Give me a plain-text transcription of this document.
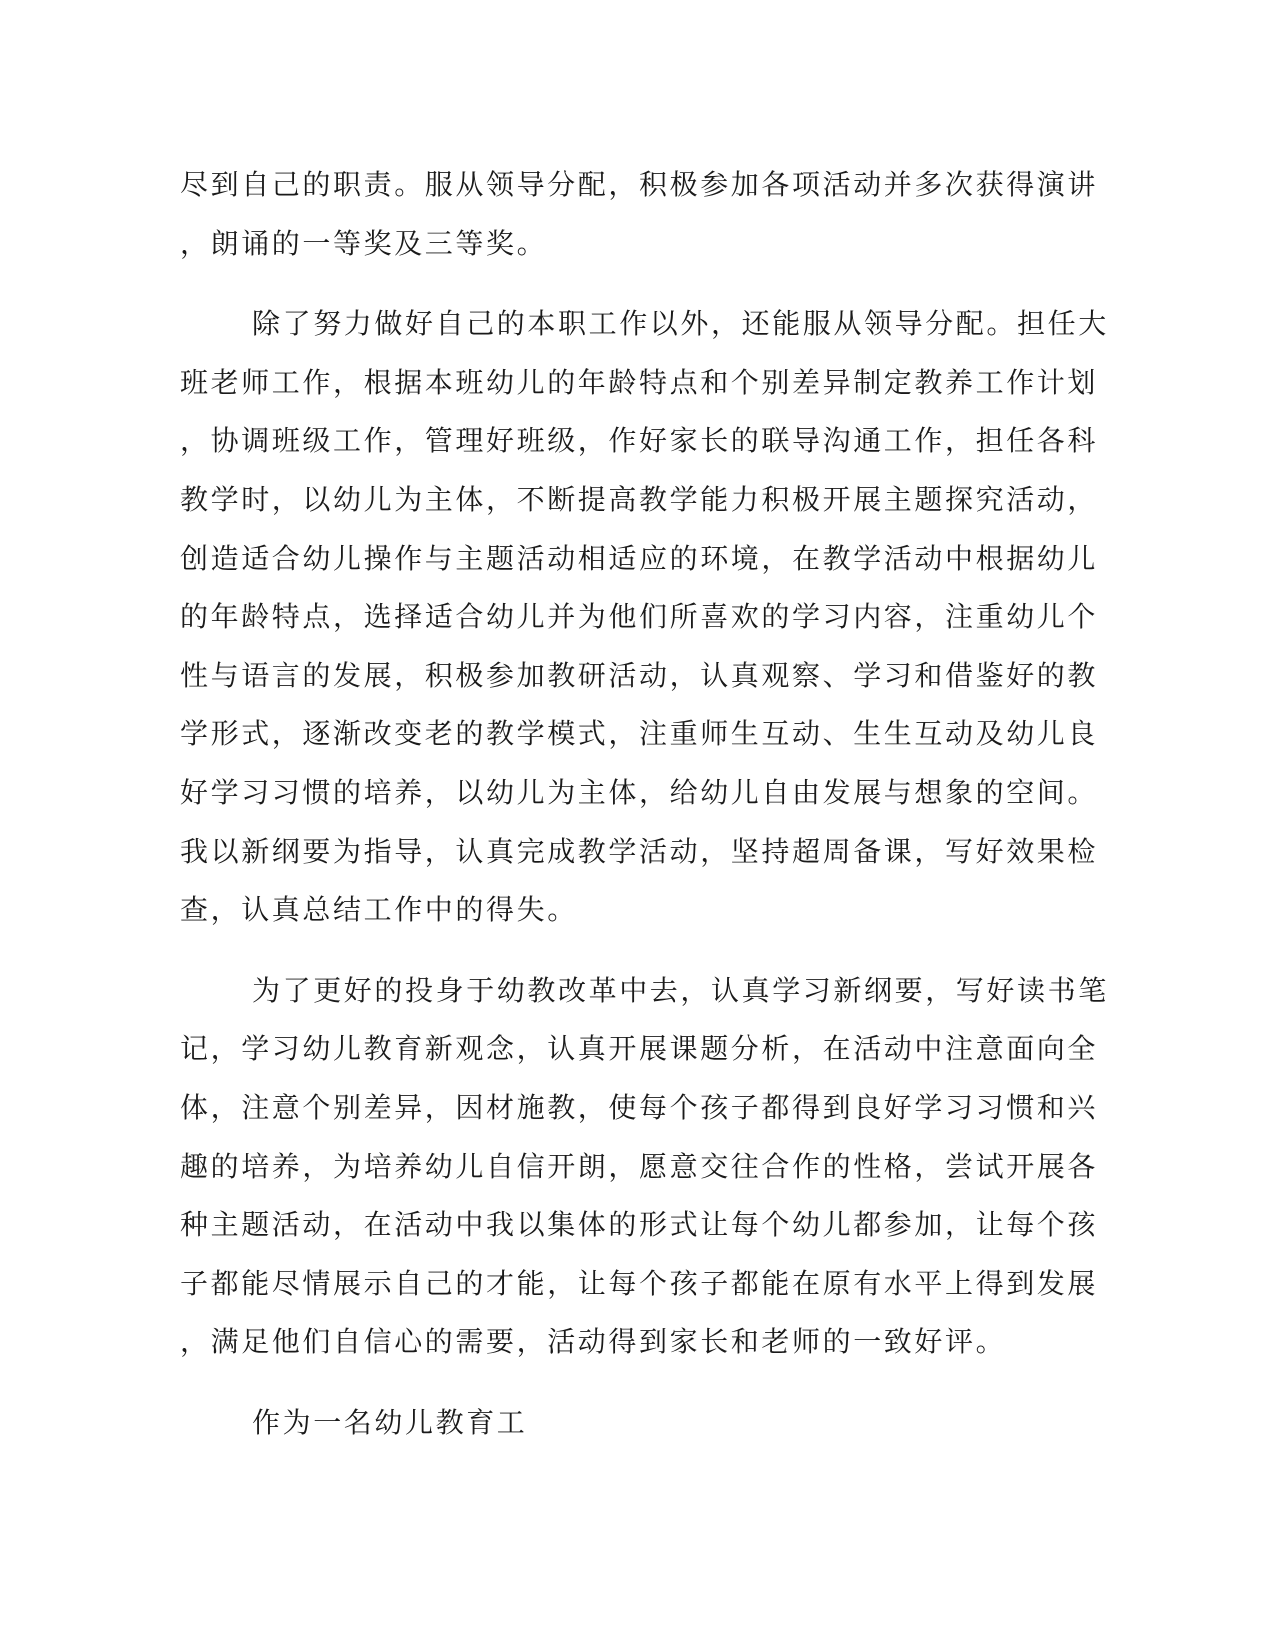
尽到自己的职责。服从领导分配，积极参加各项活动并多次获得演讲
，朗诵的一等奖及三等奖。
除了努力做好自己的本职工作以外，还能服从领导分配。担任大
班老师工作，根据本班幼儿的年龄特点和个别差异制定教养工作计划
，协调班级工作，管理好班级，作好家长的联导沟通工作，担任各科
教学时，以幼儿为主体，不断提高教学能力积极开展主题探究活动，
创造适合幼儿操作与主题活动相适应的环境，在教学活动中根据幼儿
的年龄特点，选择适合幼儿并为他们所喜欢的学习内容，注重幼儿个
性与语言的发展，积极参加教研活动，认真观察、学习和借鉴好的教
学形式，逐渐改变老的教学模式，注重师生互动、生生互动及幼儿良
好学习习惯的培养，以幼儿为主体，给幼儿自由发展与想象的空间。
我以新纲要为指导，认真完成教学活动，坚持超周备课，写好效果检
查，认真总结工作中的得失。
为了更好的投身于幼教改革中去，认真学习新纲要，写好读书笔
记，学习幼儿教育新观念，认真开展课题分析，在活动中注意面向全
体，注意个别差异，因材施教，使每个孩子都得到良好学习习惯和兴
趣的培养，为培养幼儿自信开朗，愿意交往合作的性格，尝试开展各
种主题活动，在活动中我以集体的形式让每个幼儿都参加，让每个孩
子都能尽情展示自己的才能，让每个孩子都能在原有水平上得到发展
，满足他们自信心的需要，活动得到家长和老师的一致好评。
作为一名幼儿教育工
